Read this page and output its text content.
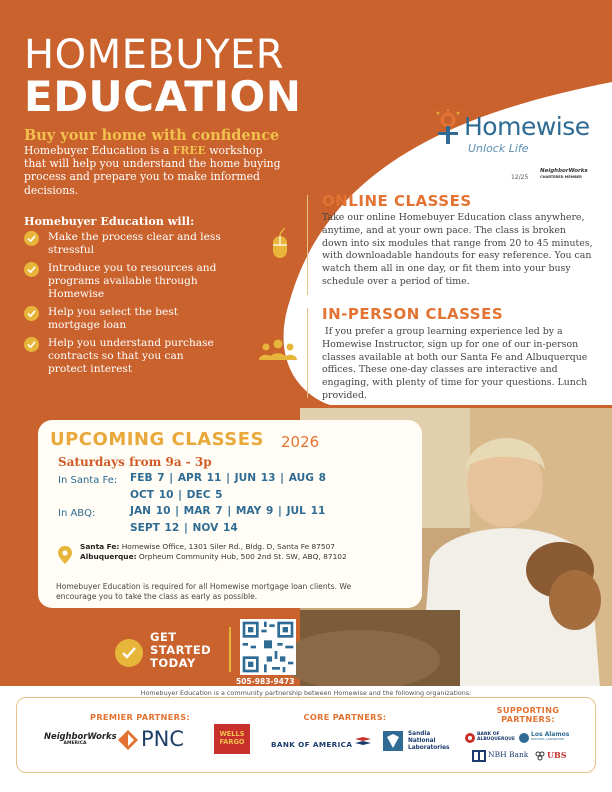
HOMEBUYER
EDUCATION
Buy your home with confidence
Homebuyer Education is a FREE workshop that will help you understand the home buying process and prepare you to make informed decisions.
Homebuyer Education will:
Make the process clear and less stressful
Introduce you to resources and programs available through Homewise
Help you select the best mortgage loan
Help you understand purchase contracts so that you can protect interest
Homewise
Unlock Life
12/25
NeighborWorks
CHARTERED MEMBER
ONLINE CLASSES
Take our online Homebuyer Education class anywhere, anytime, and at your own pace. The class is broken down into six modules that range from 20 to 45 minutes, with downloadable handouts for easy reference. You can watch them all in one day, or fit them into your busy schedule over a period of time.
IN-PERSON CLASSES
If you prefer a group learning experience led by a Homewise Instructor, sign up for one of our in-person classes available at both our Santa Fe and Albuquerque offices. These one-day classes are interactive and engaging, with plenty of time for your questions. Lunch provided.
UPCOMING CLASSES 2026
Saturdays from 9a - 3p
In Santa Fe: FEB 7 | APR 11 | JUN 13 | AUG 8
OCT 10 | DEC 5
In ABQ:	JAN 10 | MAR 7 | MAY 9 | JUL 11
SEPT 12 | NOV 14
Santa Fe: Homewise Office, 1301 Siler Rd., Bldg. D, Santa Fe 87507
Albuquerque: Orpheum Community Hub, 500 2nd St. SW, ABQ, 87102
Homebuyer Education is required for all Homewise mortgage loan clients. We encourage you to take the class as early as possible.
GET
STARTED
TODAY
505-983-9473
Homebuyer Education is a community partnership between Homewise and the following organizations:
PREMIER PARTNERS:	CORE PARTNERS:
SUPPORTING
PARTNERS:
NeighborWorks
AMERICA	PNC	WELLS
FARGO	BANK OF AMERICA
Sandia
National
Laboratories
BANK OF
ALBUQUERQUE
Los Alamos
NATIONAL LABORATORY
NBH Bank UBS
